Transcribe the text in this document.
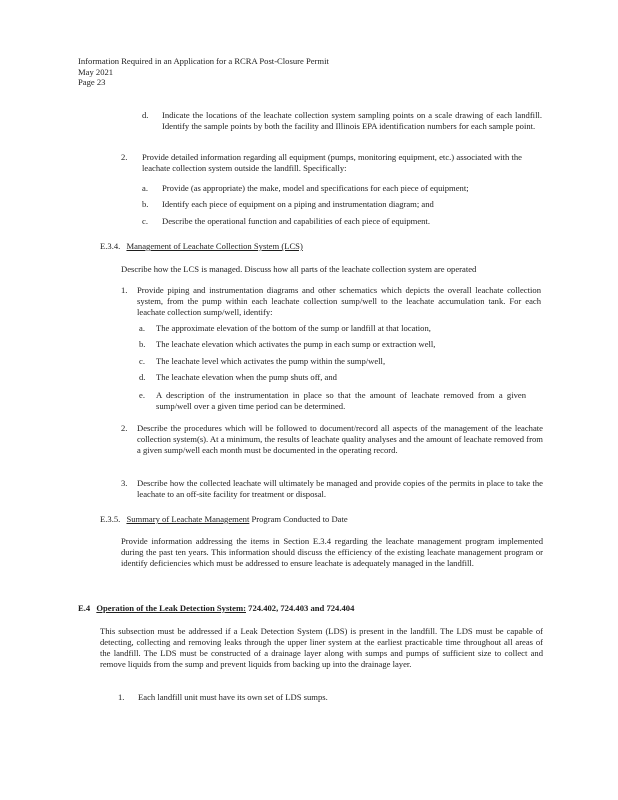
Information Required in an Application for a RCRA Post-Closure Permit
May 2021
Page 23
d. Indicate the locations of the leachate collection system sampling points on a scale drawing of each landfill. Identify the sample points by both the facility and Illinois EPA identification numbers for each sample point.
2. Provide detailed information regarding all equipment (pumps, monitoring equipment, etc.) associated with the leachate collection system outside the landfill. Specifically:
a. Provide (as appropriate) the make, model and specifications for each piece of equipment;
b. Identify each piece of equipment on a piping and instrumentation diagram; and
c. Describe the operational function and capabilities of each piece of equipment.
E.3.4. Management of Leachate Collection System (LCS)
Describe how the LCS is managed. Discuss how all parts of the leachate collection system are operated
1. Provide piping and instrumentation diagrams and other schematics which depicts the overall leachate collection system, from the pump within each leachate collection sump/well to the leachate accumulation tank. For each leachate collection sump/well, identify:
a. The approximate elevation of the bottom of the sump or landfill at that location,
b. The leachate elevation which activates the pump in each sump or extraction well,
c. The leachate level which activates the pump within the sump/well,
d. The leachate elevation when the pump shuts off, and
e. A description of the instrumentation in place so that the amount of leachate removed from a given sump/well over a given time period can be determined.
2. Describe the procedures which will be followed to document/record all aspects of the management of the leachate collection system(s). At a minimum, the results of leachate quality analyses and the amount of leachate removed from a given sump/well each month must be documented in the operating record.
3. Describe how the collected leachate will ultimately be managed and provide copies of the permits in place to take the leachate to an off-site facility for treatment or disposal.
E.3.5. Summary of Leachate Management Program Conducted to Date
Provide information addressing the items in Section E.3.4 regarding the leachate management program implemented during the past ten years. This information should discuss the efficiency of the existing leachate management program or identify deficiencies which must be addressed to ensure leachate is adequately managed in the landfill.
E.4 Operation of the Leak Detection System: 724.402, 724.403 and 724.404
This subsection must be addressed if a Leak Detection System (LDS) is present in the landfill. The LDS must be capable of detecting, collecting and removing leaks through the upper liner system at the earliest practicable time throughout all areas of the landfill. The LDS must be constructed of a drainage layer along with sumps and pumps of sufficient size to collect and remove liquids from the sump and prevent liquids from backing up into the drainage layer.
1. Each landfill unit must have its own set of LDS sumps.
